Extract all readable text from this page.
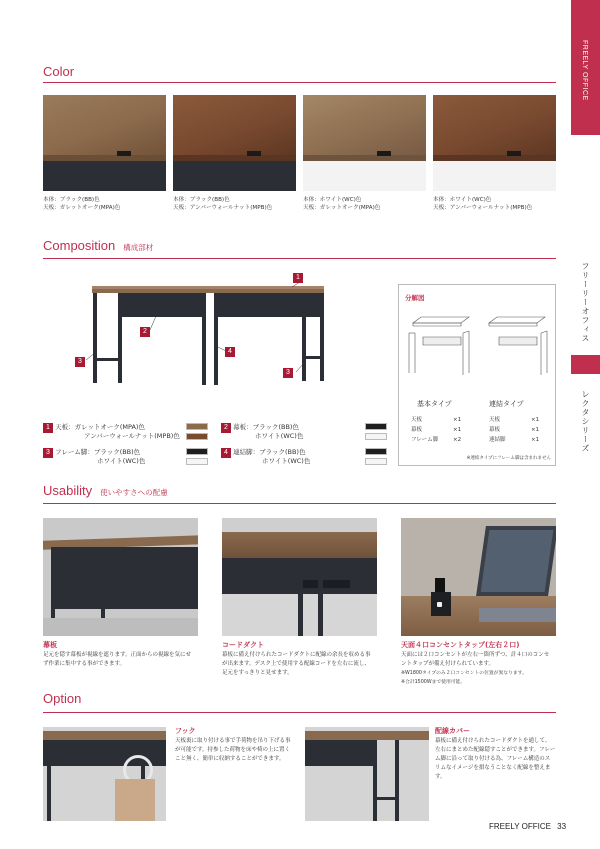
FREELY OFFICE
フリーリーオフィス
レクタシリーズ
Color
本体：ブラック(BB)色
天板：ガレットオーク(MPA)色
本体：ブラック(BB)色
天板：アンバーウォールナット(MPB)色
本体：ホワイト(WC)色
天板：ガレットオーク(MPA)色
本体：ホワイト(WC)色
天板：アンバーウォールナット(MPB)色
Composition 構成部材
1
2
3
4
3
1 天板：ガレットオーク(MPA)色
アンバーウォールナット(MPB)色
2 幕板：ブラック(BB)色
ホワイト(WC)色
3 フレーム脚：ブラック(BB)色
ホワイト(WC)色
4 連結脚：ブラック(BB)色
ホワイト(WC)色
分解図
基本タイプ	連結タイプ
天板	×1
幕板	×1
フレーム脚	×2
天板	×1
幕板	×1
連結脚	×1
※連結タイプにフレーム脚は含まれません
Usability 使いやすさへの配慮
幕板
足元を隠す幕板が視線を遮ります。正面からの視線を気にせ
ず作業に集中する事ができます。
コードダクト
幕板に備え付けられたコードダクトに配線の余長を収める事
が出来ます。デスク上で使用する配線コードを左右に流し、
足元をすっきりと見せます。
天面４口コンセントタップ(左右２口)
天面には２口コンセントが左右一箇所ずつ、計４口のコンセ
ントタップが備え付けられています。
※W1800タイプのみ２口コンセントの位置が異なります。
※合計1500Wまで使用可能。
Option
フック
天板裏に取り付ける事で手荷物を吊り下げる事
が可能です。持参した荷物を床や椅の上に置く
こと無く、簡単に収納することができます。
配線カバー
幕板に備え付けられたコードダクトを通して、
左右にまとめた配線隠すことができます。フレー
ム脚に沿って取り付ける為、フレーム構造のス
リムなイメージを損なうことなく配線を整えま
す。
FREELY OFFICE 33
